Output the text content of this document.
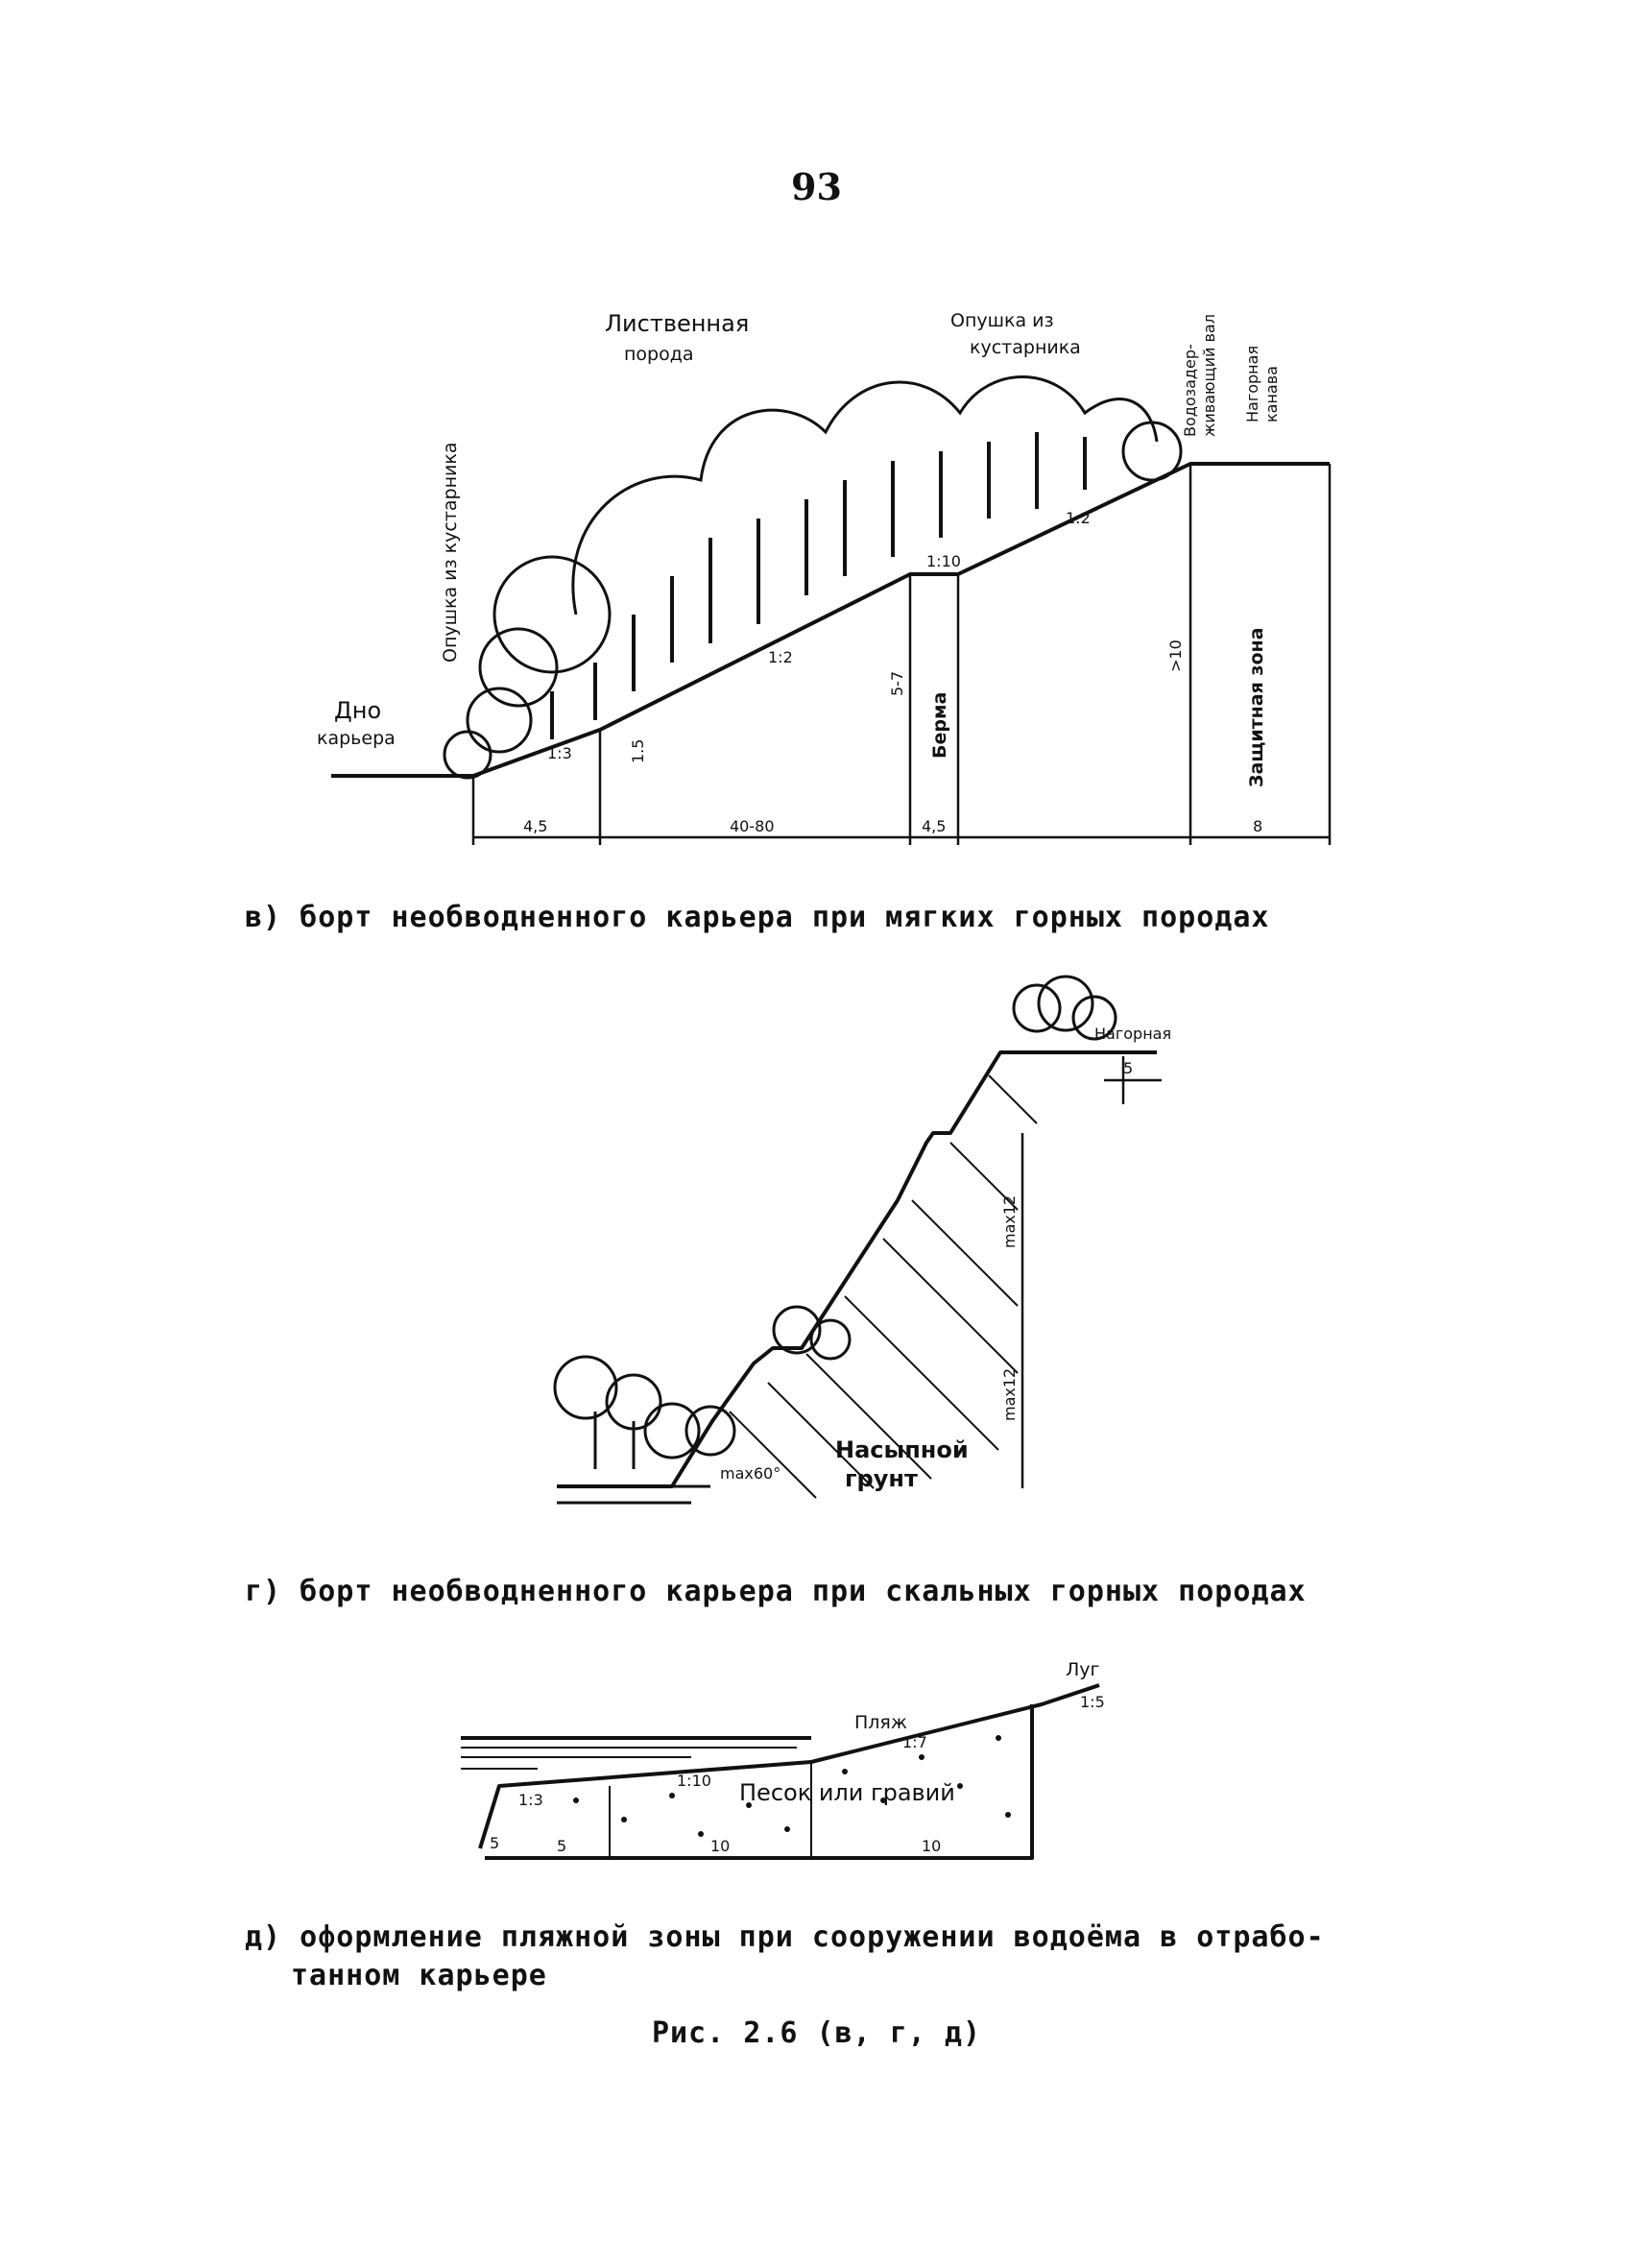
93
Дно
карьера
Опушка из кустарника
Лиственная
порода
Опушка из
кустарника	Водозадер- живающий вал Нагорная канава
Берма	Защитная зона
1:3
1:2
1:10
1:2
1.5
5-7
>10
4,5	40-80	4,5	8
в) борт необводненного карьера при мягких горных породах
Насыпной
грунт
Нагорная
5
max12
max12
max60°
г) борт необводненного карьера при скальных горных породах
Пляж
Луг
Песок или гравий
1:7
1:5
1:10
1:3
5	10	10
5
д) оформление пляжной зоны при сооружении водоёма в отрабо-
танном карьере
Рис. 2.6 (в, г, д)
